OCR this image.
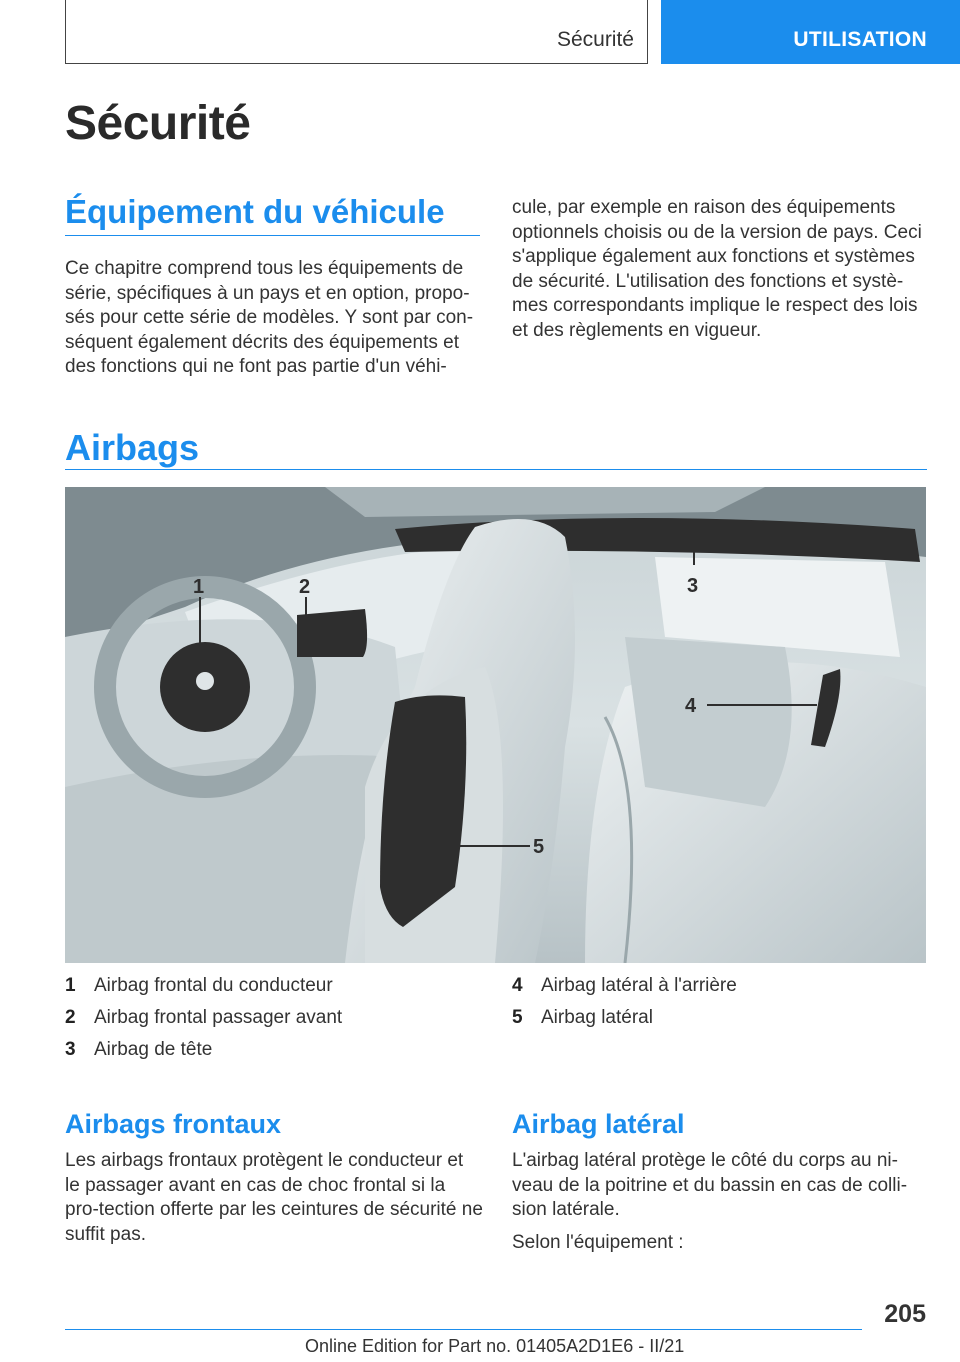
Sécurité	UTILISATION
Sécurité
Équipement du véhicule

Ce chapitre comprend tous les équipements de série, spécifiques à un pays et en option, propo-sés pour cette série de modèles. Y sont par con-séquent également décrits des équipements et des fonctions qui ne font pas partie d'un véhi-

cule, par exemple en raison des équipements optionnels choisis ou de la version de pays. Ceci s'applique également aux fonctions et systèmes de sécurité. L'utilisation des fonctions et systè-mes correspondants implique le respect des lois et des règlements en vigueur.

Airbags
1	2	3
4
5
1 Airbag frontal du conducteur
2 Airbag frontal passager avant
3 Airbag de tête
4 Airbag latéral à l'arrière
5 Airbag latéral
Airbags frontaux

Les airbags frontaux protègent le conducteur et le passager avant en cas de choc frontal si la pro-tection offerte par les ceintures de sécurité ne suffit pas.

Airbag latéral

L'airbag latéral protège le côté du corps au ni-veau de la poitrine et du bassin en cas de colli-sion latérale.

Selon l'équipement :

205
Online Edition for Part no. 01405A2D1E6 - II/21
